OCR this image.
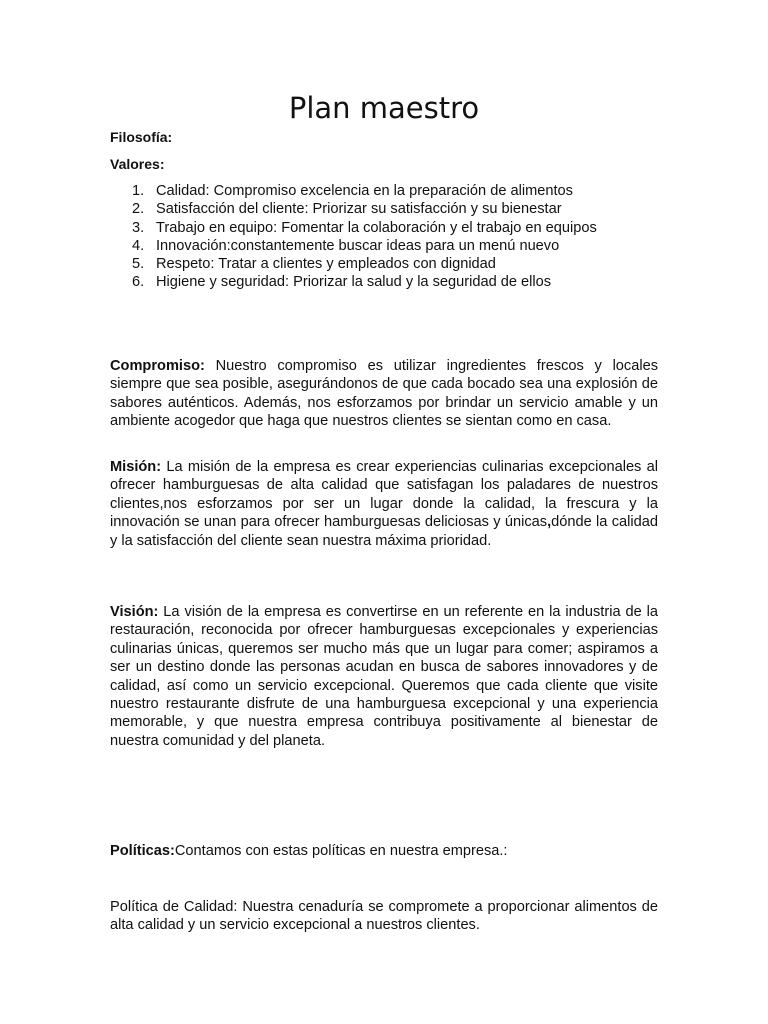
Plan maestro

Filosofía:

Valores:

1. Calidad: Compromiso excelencia en la preparación de alimentos
2. Satisfacción del cliente: Priorizar su satisfacción y su bienestar
3. Trabajo en equipo: Fomentar la colaboración y el trabajo en equipos
4. Innovación:constantemente buscar ideas para un menú nuevo
5. Respeto: Tratar a clientes y empleados con dignidad
6. Higiene y seguridad: Priorizar la salud y la seguridad de ellos

Compromiso: Nuestro compromiso es utilizar ingredientes frescos y locales siempre que sea posible, asegurándonos de que cada bocado sea una explosión de sabores auténticos. Además, nos esforzamos por brindar un servicio amable y un ambiente acogedor que haga que nuestros clientes se sientan como en casa.

Misión: La misión de la empresa es crear experiencias culinarias excepcionales al ofrecer hamburguesas de alta calidad que satisfagan los paladares de nuestros clientes,nos esforzamos por ser un lugar donde la calidad, la frescura y la innovación se unan para ofrecer hamburguesas deliciosas y únicas,dónde la calidad y la satisfacción del cliente sean nuestra máxima prioridad.

Visión: La visión de la empresa es convertirse en un referente en la industria de la restauración, reconocida por ofrecer hamburguesas excepcionales y experiencias culinarias únicas, queremos ser mucho más que un lugar para comer; aspiramos a ser un destino donde las personas acudan en busca de sabores innovadores y de calidad, así como un servicio excepcional. Queremos que cada cliente que visite nuestro restaurante disfrute de una hamburguesa excepcional y una experiencia memorable, y que nuestra empresa contribuya positivamente al bienestar de nuestra comunidad y del planeta.

Políticas:Contamos con estas políticas en nuestra empresa.:

Política de Calidad: Nuestra cenaduría se compromete a proporcionar alimentos de alta calidad y un servicio excepcional a nuestros clientes.
